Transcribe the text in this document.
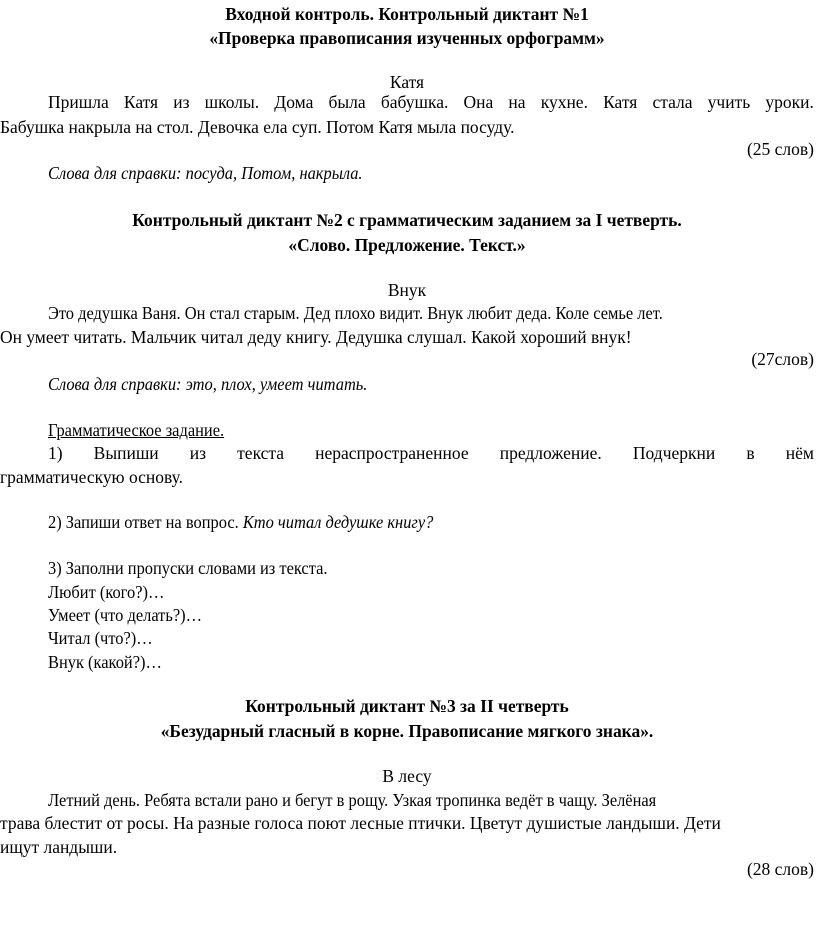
Входной контроль. Контрольный диктант №1
«Проверка правописания изученных орфограмм»
Катя
Пришла Катя из школы. Дома была бабушка. Она на кухне. Катя стала учить уроки.
Бабушка накрыла на стол. Девочка ела суп. Потом Катя мыла посуду.
(25 слов)
Слова для справки: посуда, Потом, накрыла.
Контрольный диктант №2 с грамматическим заданием за I четверть.
«Слово. Предложение. Текст.»
Внук
Это дедушка Ваня. Он стал старым. Дед плохо видит. Внук любит деда. Коле семье лет.
Он умеет читать. Мальчик читал деду книгу. Дедушка слушал. Какой хороший внук!
(27слов)
Слова для справки: это, плох, умеет читать.
Грамматическое задание.
1) Выпиши из текста нераспространенное предложение. Подчеркни в нём
грамматическую основу.
2) Запиши ответ на вопрос. Кто читал дедушке книгу?
3) Заполни пропуски словами из текста.
Любит (кого?)…
Умеет (что делать?)…
Читал (что?)…
Внук (какой?)…
Контрольный диктант №3 за II четверть
«Безударный гласный в корне. Правописание мягкого знака».
В лесу
Летний день. Ребята встали рано и бегут в рощу. Узкая тропинка ведёт в чащу. Зелёная
трава блестит от росы. На разные голоса поют лесные птички. Цветут душистые ландыши. Дети
ищут ландыши.
(28 слов)
